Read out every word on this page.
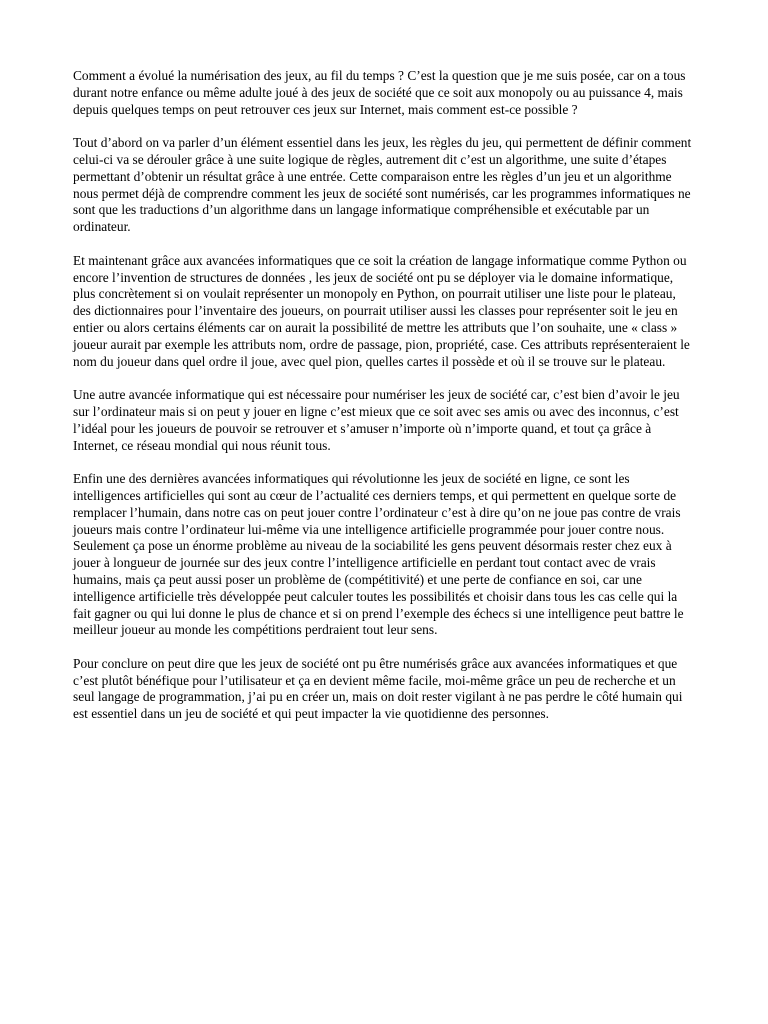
Comment a évolué la numérisation des jeux, au fil du temps ? C’est la question que je me suis posée, car on a tous durant notre enfance ou même adulte joué à des jeux de société que ce soit aux monopoly ou au puissance 4, mais depuis quelques temps on peut retrouver ces jeux sur Internet, mais comment est-ce possible ?

Tout d’abord on va parler d’un élément essentiel dans les jeux, les règles du jeu, qui permettent de définir comment celui-ci va se dérouler grâce à une suite logique de règles, autrement dit c’est un algorithme, une suite d’étapes permettant d’obtenir un résultat grâce à une entrée. Cette comparaison entre les règles d’un jeu et un algorithme nous permet déjà de comprendre comment les jeux de société sont numérisés, car les programmes informatiques ne sont que les traductions d’un algorithme dans un langage informatique compréhensible et exécutable par un ordinateur.

Et maintenant grâce aux avancées informatiques que ce soit la création de langage informatique comme Python ou encore l’invention de structures de données , les jeux de société ont pu se déployer via le domaine informatique, plus concrètement si on voulait représenter un monopoly en Python, on pourrait utiliser une liste pour le plateau, des dictionnaires pour l’inventaire des joueurs, on pourrait utiliser aussi les classes pour représenter soit le jeu en entier ou alors certains éléments car on aurait la possibilité de mettre les attributs que l’on souhaite, une « class » joueur aurait par exemple les attributs nom, ordre de passage, pion, propriété, case. Ces attributs représenteraient le nom du joueur dans quel ordre il joue, avec quel pion, quelles cartes il possède et où il se trouve sur le plateau.

Une autre avancée informatique qui est nécessaire pour numériser les jeux de société car, c’est bien d’avoir le jeu sur l’ordinateur mais si on peut y jouer en ligne c’est mieux que ce soit avec ses amis ou avec des inconnus, c’est l’idéal pour les joueurs de pouvoir se retrouver et s’amuser n’importe où n’importe quand, et tout ça grâce à Internet, ce réseau mondial qui nous réunit tous.

Enfin une des dernières avancées informatiques qui révolutionne les jeux de société en ligne, ce sont les intelligences artificielles qui sont au cœur de l’actualité ces derniers temps, et qui permettent en quelque sorte de remplacer l’humain, dans notre cas on peut jouer contre l’ordinateur c’est à dire qu’on ne joue pas contre de vrais joueurs mais contre l’ordinateur lui-même via une intelligence artificielle programmée pour jouer contre nous. Seulement ça pose un énorme problème au niveau de la sociabilité les gens peuvent désormais rester chez eux à jouer à longueur de journée sur des jeux contre l’intelligence artificielle en perdant tout contact avec de vrais humains, mais ça peut aussi poser un problème de (compétitivité) et une perte de confiance en soi, car une intelligence artificielle très développée peut calculer toutes les possibilités et choisir dans tous les cas celle qui la fait gagner ou qui lui donne le plus de chance et si on prend l’exemple des échecs si une intelligence peut battre le meilleur joueur au monde les compétitions perdraient tout leur sens.

Pour conclure on peut dire que les jeux de société ont pu être numérisés grâce aux avancées informatiques et que c’est plutôt bénéfique pour l’utilisateur et ça en devient même facile, moi-même grâce un peu de recherche et un seul langage de programmation, j’ai pu en créer un, mais on doit rester vigilant à ne pas perdre le côté humain qui est essentiel dans un jeu de société et qui peut impacter la vie quotidienne des personnes.
